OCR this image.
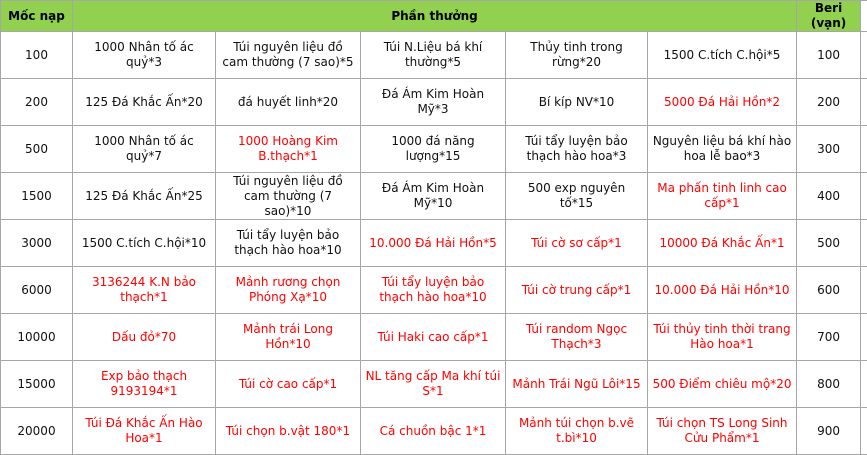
Mốc nạp	Phần thưởng					Beri (vạn)	
100	1000 Nhân tố ác quỷ*3	Túi nguyên liệu đồ cam thường (7 sao)*5	Túi N.Liệu bá khí thường*5	Thủy tinh trong rừng*20	1500 C.tích C.hội*5	100	
200	125 Đá Khắc Ấn*20	đá huyết linh*20	Đá Ám Kim Hoàn Mỹ*3	Bí kíp NV*10	5000 Đá Hải Hồn*2	200	
500	1000 Nhân tố ác quỷ*7	1000 Hoàng Kim B.thạch*1	1000 đá năng lượng*15	Túi tẩy luyện bảo thạch hào hoa*3	Nguyên liệu bá khí hào hoa lễ bao*3	300	
1500	125 Đá Khắc Ấn*25	Túi nguyên liệu đồ cam thường (7 sao)*10	Đá Ám Kim Hoàn Mỹ*10	500 exp nguyên tố*15	Ma phấn tinh linh cao cấp*1	400	
3000	1500 C.tích C.hội*10	Túi tẩy luyện bảo thạch hào hoa*10	10.000 Đá Hải Hồn*5	Túi cờ sơ cấp*1	10000 Đá Khắc Ấn*1	500	
6000	3136244 K.N bảo thạch*1	Mảnh rương chọn Phóng Xạ*10	Túi tẩy luyện bảo thạch hào hoa*10	Túi cờ trung cấp*1	10.000 Đá Hải Hồn*10	600	
10000	Dấu đỏ*70	Mảnh trái Long Hồn*10	Túi Haki cao cấp*1	Túi random Ngọc Thạch*3	Túi thủy tinh thời trang Hào hoa*1	700	
15000	Exp bảo thạch 9193194*1	Túi cờ cao cấp*1	NL tăng cấp Ma khí túi S*1	Mảnh Trái Ngũ Lôi*15	500 Điểm chiêu mộ*20	800	
20000	Túi Đá Khắc Ấn Hào Hoa*1	Túi chọn b.vật 180*1	Cá chuồn bậc 1*1	Mảnh túi chọn b.vẽ t.bì*10	Túi chọn TS Long Sinh Cửu Phẩm*1	900	
